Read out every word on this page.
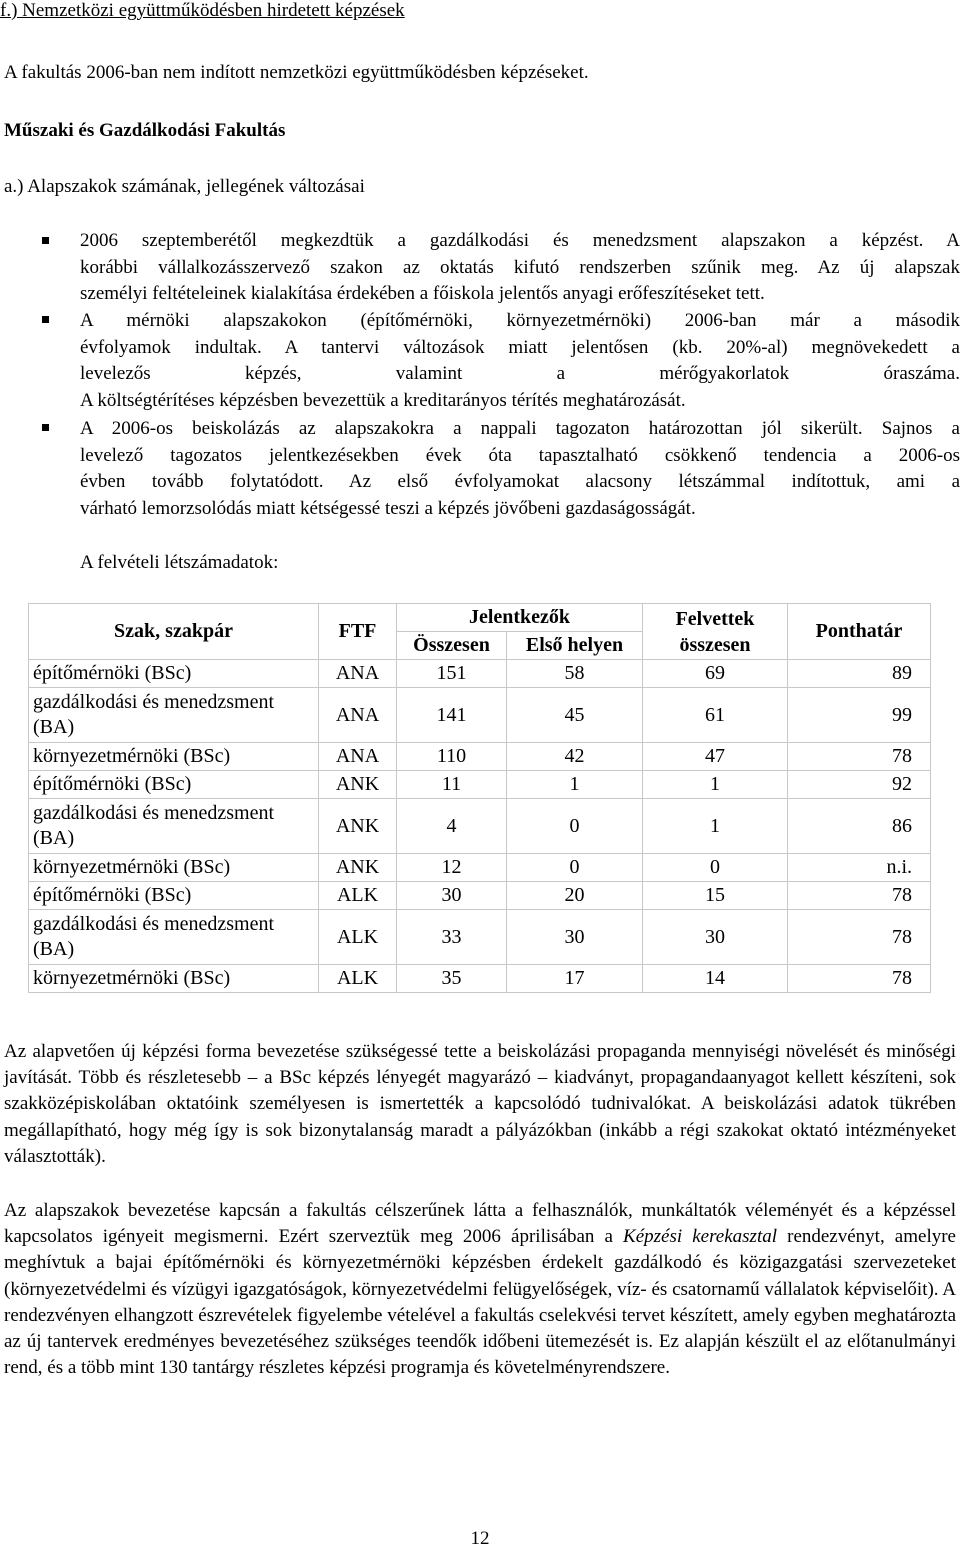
f.) Nemzetközi együttműködésben hirdetett képzések

A fakultás 2006-ban nem indított nemzetközi együttműködésben képzéseket.

Műszaki és Gazdálkodási Fakultás

a.) Alapszakok számának, jellegének változásai

2006 szeptemberétől megkezdtük a gazdálkodási és menedzsment alapszakon a képzést. A
korábbi vállalkozásszervező szakon az oktatás kifutó rendszerben szűnik meg. Az új alapszak
személyi feltételeinek kialakítása érdekében a főiskola jelentős anyagi erőfeszítéseket tett.
A mérnöki alapszakokon (építőmérnöki, környezetmérnöki) 2006-ban már a második
évfolyamok indultak. A tantervi változások miatt jelentősen (kb. 20%-al) megnövekedett a
levelezős képzés, valamint a mérőgyakorlatok óraszáma.
A költségtérítéses képzésben bevezettük a kreditarányos térítés meghatározását.
A 2006-os beiskolázás az alapszakokra a nappali tagozaton határozottan jól sikerült. Sajnos a
levelező tagozatos jelentkezésekben évek óta tapasztalható csökkenő tendencia a 2006-os
évben tovább folytatódott. Az első évfolyamokat alacsony létszámmal indítottuk, ami a
várható lemorzsolódás miatt kétségessé teszi a képzés jövőbeni gazdaságosságát.

A felvételi létszámadatok:

Szak, szakpár	FTF	Jelentkezők		Felvettek összesen	Ponthatár
		Összesen	Első helyen		
építőmérnöki (BSc)	ANA	151	58	69	89
gazdálkodási és menedzsment (BA)	ANA	141	45	61	99
környezetmérnöki (BSc)	ANA	110	42	47	78
építőmérnöki (BSc)	ANK	11	1	1	92
gazdálkodási és menedzsment (BA)	ANK	4	0	1	86
környezetmérnöki (BSc)	ANK	12	0	0	n.i.
építőmérnöki (BSc)	ALK	30	20	15	78
gazdálkodási és menedzsment (BA)	ALK	33	30	30	78
környezetmérnöki (BSc)	ALK	35	17	14	78

Az alapvetően új képzési forma bevezetése szükségessé tette a beiskolázási propaganda mennyiségi növelését és minőségi javítását. Több és részletesebb – a BSc képzés lényegét magyarázó – kiadványt, propagandaanyagot kellett készíteni, sok szakközépiskolában oktatóink személyesen is ismertették a kapcsolódó tudnivalókat. A beiskolázási adatok tükrében megállapítható, hogy még így is sok bizonytalanság maradt a pályázókban (inkább a régi szakokat oktató intézményeket választották).

Az alapszakok bevezetése kapcsán a fakultás célszerűnek látta a felhasználók, munkáltatók véleményét és a képzéssel kapcsolatos igényeit megismerni. Ezért szerveztük meg 2006 áprilisában a Képzési kerekasztal rendezvényt, amelyre meghívtuk a bajai építőmérnöki és környezetmérnöki képzésben érdekelt gazdálkodó és közigazgatási szervezeteket (környezetvédelmi és vízügyi igazgatóságok, környezetvédelmi felügyelőségek, víz- és csatornamű vállalatok képviselőit). A rendezvényen elhangzott észrevételek figyelembe vételével a fakultás cselekvési tervet készített, amely egyben meghatározta az új tantervek eredményes bevezetéséhez szükséges teendők időbeni ütemezését is. Ez alapján készült el az előtanulmányi rend, és a több mint 130 tantárgy részletes képzési programja és követelményrendszere.

12
